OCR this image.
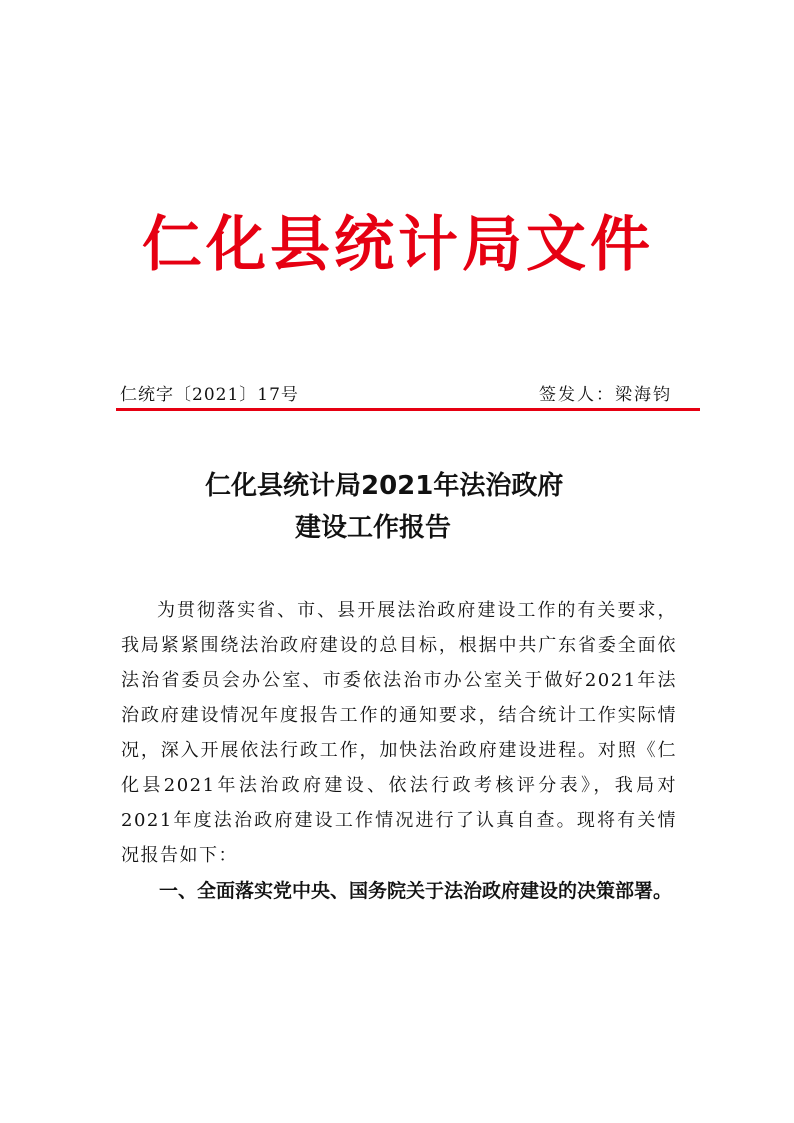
仁化县统计局文件
仁统字〔2021〕17号	签发人：梁海钧
仁化县统计局2021年法治政府
建设工作报告

为贯彻落实省、市、县开展法治政府建设工作的有关要求，我局紧紧围绕法治政府建设的总目标，根据中共广东省委全面依法治省委员会办公室、市委依法治市办公室关于做好2021年法治政府建设情况年度报告工作的通知要求，结合统计工作实际情况，深入开展依法行政工作，加快法治政府建设进程。对照《仁化县2021年法治政府建设、依法行政考核评分表》，我局对2021年度法治政府建设工作情况进行了认真自查。现将有关情况报告如下：

一、全面落实党中央、国务院关于法治政府建设的决策部署。
